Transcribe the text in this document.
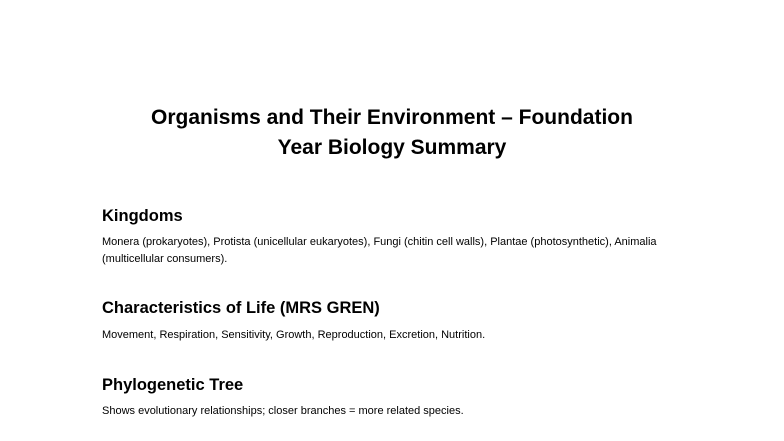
Organisms and Their Environment – Foundation
Year Biology Summary
Kingdoms

Monera (prokaryotes), Protista (unicellular eukaryotes), Fungi (chitin cell walls), Plantae (photosynthetic), Animalia (multicellular consumers).

Characteristics of Life (MRS GREN)

Movement, Respiration, Sensitivity, Growth, Reproduction, Excretion, Nutrition.

Phylogenetic Tree

Shows evolutionary relationships; closer branches = more related species.
